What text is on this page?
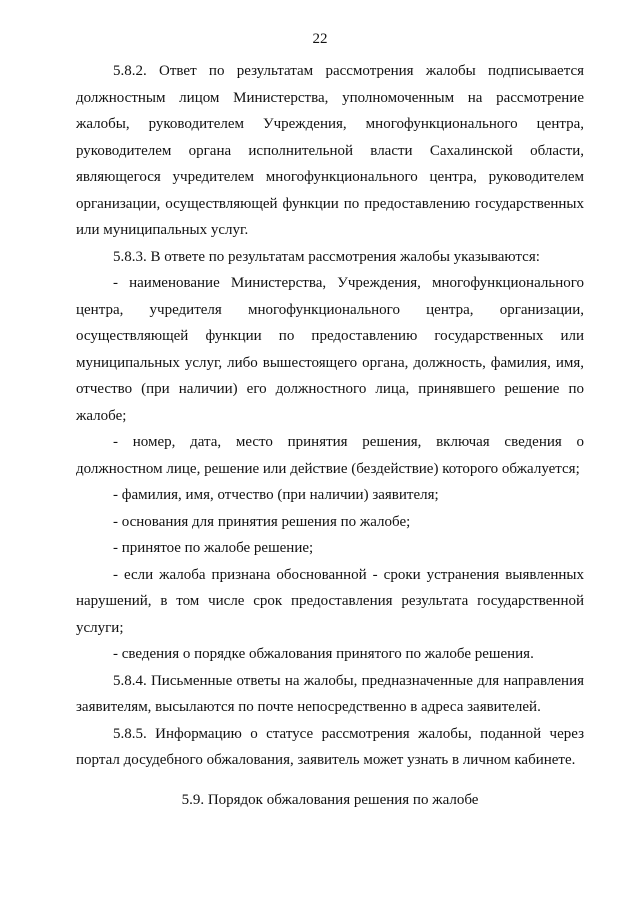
22

5.8.2. Ответ по результатам рассмотрения жалобы подписывается должностным лицом Министерства, уполномоченным на рассмотрение жалобы, руководителем Учреждения, многофункционального центра, руководителем органа исполнительной власти Сахалинской области, являющегося учредителем многофункционального центра, руководителем организации, осуществляющей функции по предоставлению государственных или муниципальных услуг.

5.8.3. В ответе по результатам рассмотрения жалобы указываются:

- наименование Министерства, Учреждения, многофункционального центра, учредителя многофункционального центра, организации, осуществляющей функции по предоставлению государственных или муниципальных услуг, либо вышестоящего органа, должность, фамилия, имя, отчество (при наличии) его должностного лица, принявшего решение по жалобе;

- номер, дата, место принятия решения, включая сведения о должностном лице, решение или действие (бездействие) которого обжалуется;

- фамилия, имя, отчество (при наличии) заявителя;

- основания для принятия решения по жалобе;

- принятое по жалобе решение;

- если жалоба признана обоснованной - сроки устранения выявленных нарушений, в том числе срок предоставления результата государственной услуги;

- сведения о порядке обжалования принятого по жалобе решения.

5.8.4. Письменные ответы на жалобы, предназначенные для направления заявителям, высылаются по почте непосредственно в адреса заявителей.

5.8.5. Информацию о статусе рассмотрения жалобы, поданной через портал досудебного обжалования, заявитель может узнать в личном кабинете.

5.9. Порядок обжалования решения по жалобе
